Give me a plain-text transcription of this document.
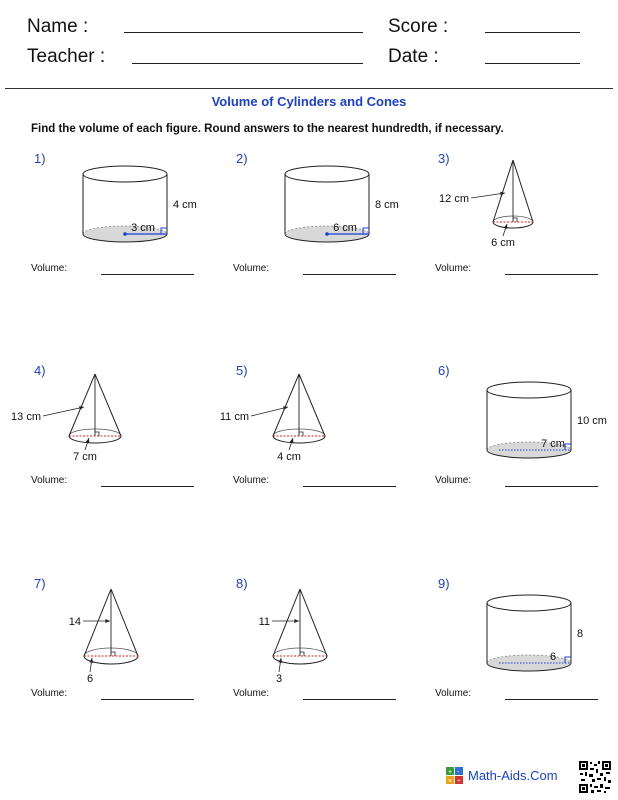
Name :	Score :
Teacher :	Date :
Volume of Cylinders and Cones
Find the volume of each figure. Round answers to the nearest hundredth, if necessary.
1)
3 cm
4 cm
Volume:
2)
6 cm
8 cm
Volume:
3)
12 cm
6 cm
Volume:
4)
13 cm
7 cm
Volume:
5)
11 cm
4 cm
Volume:
6)
7 cm
10 cm
Volume:
7)
14
6
Volume:
8)
11
3
Volume:
9)
6
8
Volume:
+ -
× ÷ Math-Aids.Com
